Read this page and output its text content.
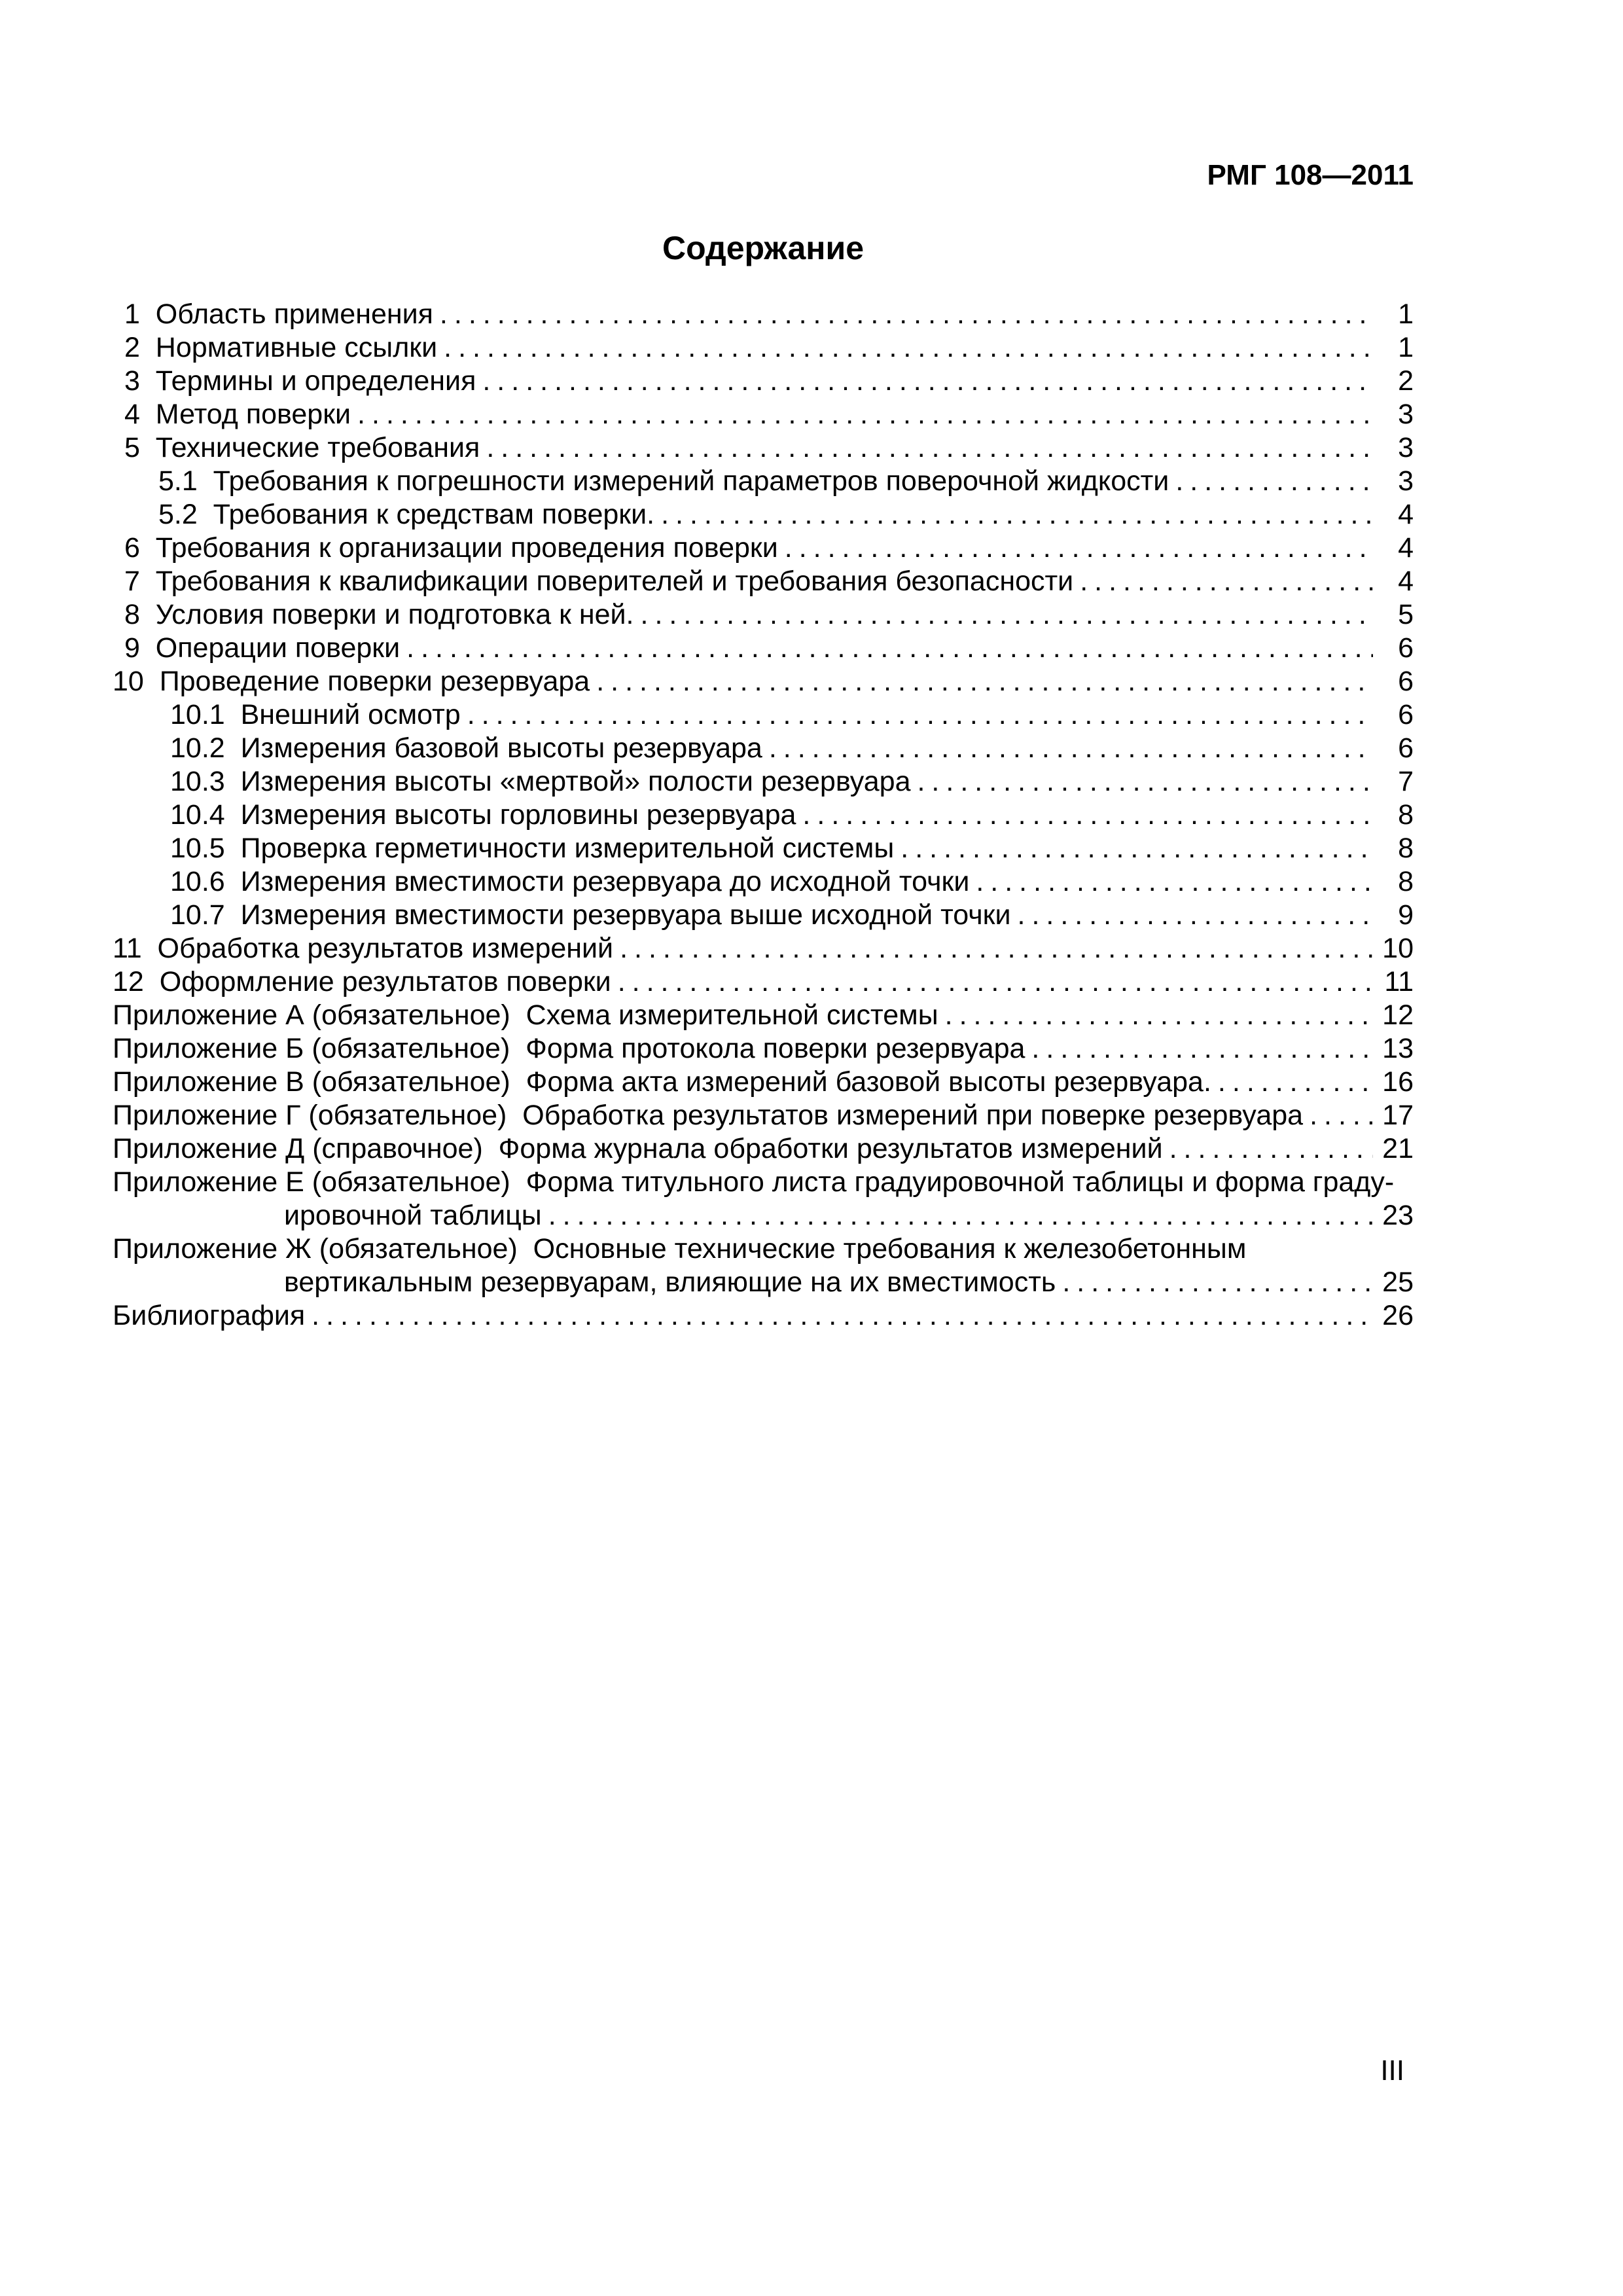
РМГ 108—2011
Содержание
1  Область применения .....	1
2  Нормативные ссылки .....	1
3  Термины и определения .....	2
4  Метод поверки .....	3
5  Технические требования .....	3
5.1  Требования к погрешности измерений параметров поверочной жидкости .....	3
5.2  Требования к средствам поверки. .....	4
6  Требования к организации проведения поверки .....	4
7  Требования к квалификации поверителей и требования безопасности .....	4
8  Условия поверки и подготовка к ней. .....	5
9  Операции поверки .....	6
10  Проведение поверки резервуара .....	6
10.1  Внешний осмотр .....	6
10.2  Измерения базовой высоты резервуара .....	6
10.3  Измерения высоты «мертвой» полости резервуара .....	7
10.4  Измерения высоты горловины резервуара .....	8
10.5  Проверка герметичности измерительной системы .....	8
10.6  Измерения вместимости резервуара до исходной точки .....	8
10.7  Измерения вместимости резервуара выше исходной точки .....	9
11  Обработка результатов измерений .....	10
12  Оформление результатов поверки .....	11
Приложение А (обязательное)  Схема измерительной системы .....	12
Приложение Б (обязательное)  Форма протокола поверки резервуара .....	13
Приложение В (обязательное)  Форма акта измерений базовой высоты резервуара. .....	16
Приложение Г (обязательное)  Обработка результатов измерений при поверке резервуара .....	17
Приложение Д (справочное)  Форма журнала обработки результатов измерений .....	21
Приложение Е (обязательное)  Форма титульного листа градуировочной таблицы и форма граду-
ировочной таблицы .....	23
Приложение Ж (обязательное)  Основные технические требования к железобетонным
вертикальным резервуарам, влияющие на их вместимость .....	25
Библиография .....	26
III
